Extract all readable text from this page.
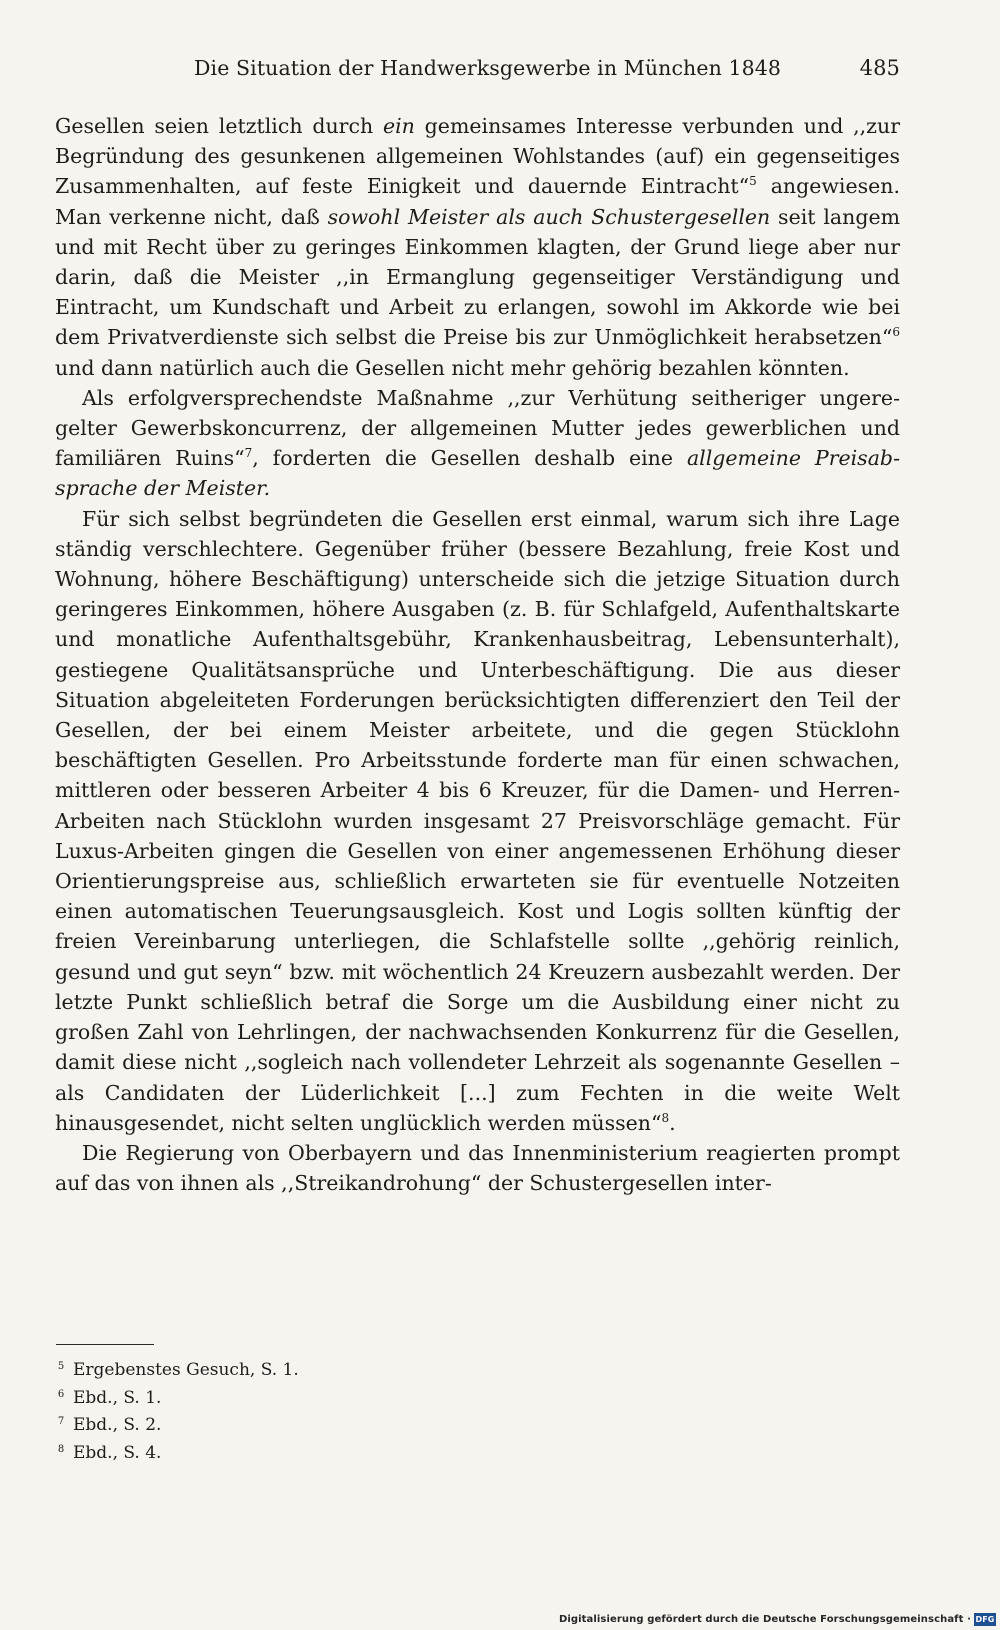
Die Situation der Handwerksgewerbe in München 1848	485

Gesellen seien letztlich durch ein gemeinsames Interesse verbunden und ,,zur Begründung des gesunkenen allgemeinen Wohlstandes (auf) ein gegenseitiges Zusammenhalten, auf feste Einigkeit und dauernde Eintracht“$^5$ angewiesen. Man verkenne nicht, daß sowohl Meister als auch Schustergesellen seit langem und mit Recht über zu geringes Einkommen klagten, der Grund liege aber nur darin, daß die Meister ,,in Ermanglung gegenseitiger Verständigung und Eintracht, um Kundschaft und Arbeit zu erlangen, sowohl im Akkorde wie bei dem Privatverdienste sich selbst die Preise bis zur Unmöglichkeit herabsetzen“$^6$ und dann natürlich auch die Gesellen nicht mehr gehörig bezahlen könnten.

Als erfolgversprechendste Maßnahme ,,zur Verhütung seitheriger ungeregelter Gewerbskoncurrenz, der allgemeinen Mutter jedes gewerblichen und familiären Ruins“$^7$, forderten die Gesellen deshalb eine allgemeine Preisabsprache der Meister.

Für sich selbst begründeten die Gesellen erst einmal, warum sich ihre Lage ständig verschlechtere. Gegenüber früher (bessere Bezahlung, freie Kost und Wohnung, höhere Beschäftigung) unterscheide sich die jetzige Situation durch geringeres Einkommen, höhere Ausgaben (z. B. für Schlafgeld, Aufenthaltskarte und monatliche Aufenthaltsgebühr, Krankenhausbeitrag, Lebensunterhalt), gestiegene Qualitätsansprüche und Unterbeschäftigung. Die aus dieser Situation abgeleiteten Forderungen berücksichtigten differenziert den Teil der Gesellen, der bei einem Meister arbeitete, und die gegen Stücklohn beschäftigten Gesellen. Pro Arbeitsstunde forderte man für einen schwachen, mittleren oder besseren Arbeiter 4 bis 6 Kreuzer, für die Damen- und Herren-Arbeiten nach Stücklohn wurden insgesamt 27 Preisvorschläge gemacht. Für Luxus-Arbeiten gingen die Gesellen von einer angemessenen Erhöhung dieser Orientierungspreise aus, schließlich erwarteten sie für eventuelle Notzeiten einen automatischen Teuerungsausgleich. Kost und Logis sollten künftig der freien Vereinbarung unterliegen, die Schlafstelle sollte ,,gehörig reinlich, gesund und gut seyn“ bzw. mit wöchentlich 24 Kreuzern ausbezahlt werden. Der letzte Punkt schließlich betraf die Sorge um die Ausbildung einer nicht zu großen Zahl von Lehrlingen, der nachwachsenden Konkurrenz für die Gesellen, damit diese nicht ,,sogleich nach vollendeter Lehrzeit als sogenannte Gesellen – als Candidaten der Lüderlichkeit [...] zum Fechten in die weite Welt hinausgesendet, nicht selten unglücklich werden müssen“$^8$.

Die Regierung von Oberbayern und das Innenministerium reagierten prompt auf das von ihnen als ,,Streikandrohung“ der Schustergesellen inter-

5 Ergebenstes Gesuch, S. 1.
6 Ebd., S. 1.
7 Ebd., S. 2.
8 Ebd., S. 4.
Digitalisierung gefördert durch die Deutsche Forschungsgemeinschaft · DFG
